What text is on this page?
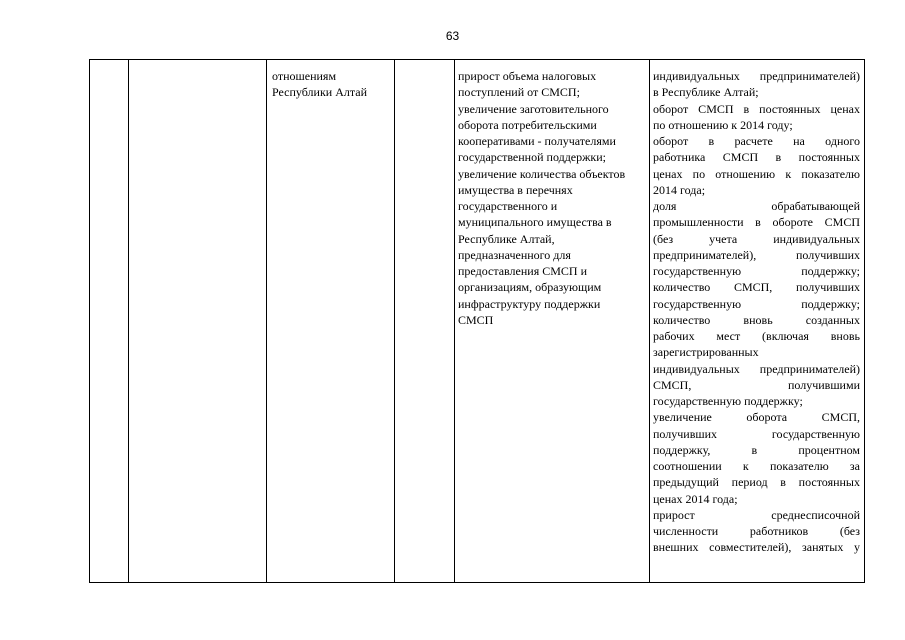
63
отношениям
Республики Алтай
прирост объема налоговых
поступлений от СМСП;
увеличение заготовительного
оборота потребительскими
кооперативами - получателями
государственной поддержки;
увеличение количества объектов
имущества в перечнях
государственного и
муниципального имущества в
Республике Алтай,
предназначенного для
предоставления СМСП и
организациям, образующим
инфраструктуру поддержки
СМСП
индивидуальных предпринимателей)
в Республике Алтай;
оборот СМСП в постоянных ценах
по отношению к 2014 году;
оборот в расчете на одного
работника СМСП в постоянных
ценах по отношению к показателю
2014 года;
доля обрабатывающей
промышленности в обороте СМСП
(без учета индивидуальных
предпринимателей), получивших
государственную поддержку;
количество СМСП, получивших
государственную поддержку;
количество вновь созданных
рабочих мест (включая вновь
зарегистрированных
индивидуальных предпринимателей)
СМСП, получившими
государственную поддержку;
увеличение оборота СМСП,
получивших государственную
поддержку, в процентном
соотношении к показателю за
предыдущий период в постоянных
ценах 2014 года;
прирост среднесписочной
численности работников (без
внешних совместителей), занятых у
